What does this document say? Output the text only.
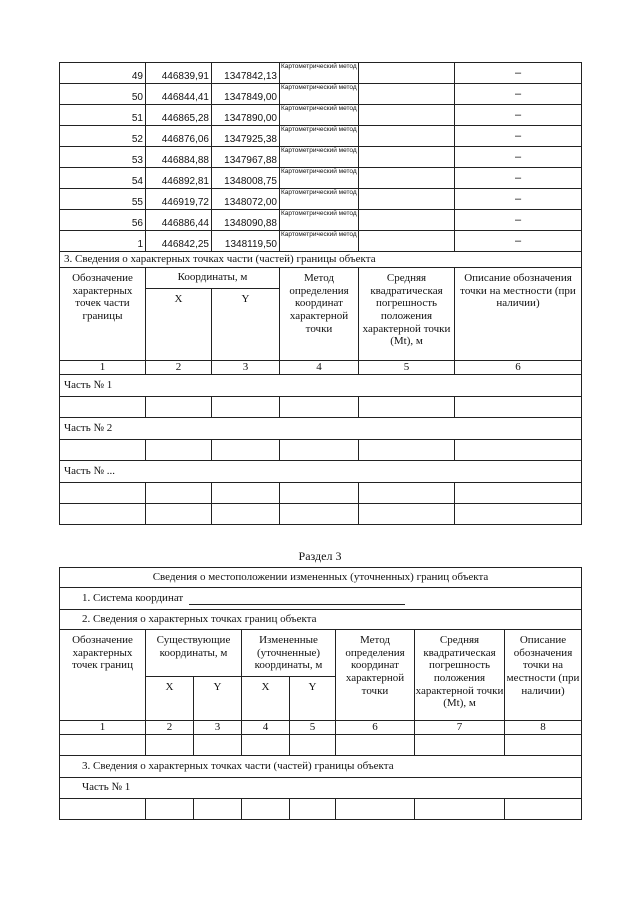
49	446839,91	1347842,13	Картометрический метод		–
50	446844,41	1347849,00	Картометрический метод		–
51	446865,28	1347890,00	Картометрический метод		–
52	446876,06	1347925,38	Картометрический метод		–
53	446884,88	1347967,88	Картометрический метод		–
54	446892,81	1348008,75	Картометрический метод		–
55	446919,72	1348072,00	Картометрический метод		–
56	446886,44	1348090,88	Картометрический метод		–
1	446842,25	1348119,50	Картометрический метод		–
3. Сведения о характерных точках части (частей) границы объекта					
Обозначение характерных точек части границы	Координаты, м		Метод определения координат характерной точки	Средняя квадратическая погрешность положения характерной точки (Mt), м	Описание обозначения точки на местности (при наличии)
	X	Y			
1	2	3	4	5	6
Часть № 1					

Часть № 2					

Часть № ...					

Раздел 3
Сведения о местоположении измененных (уточненных) границ объекта							
1. Система координат							
2. Сведения о характерных точках границ объекта							
Обозначение характерных точек границ	Существующие координаты, м		Измененные (уточненные) координаты, м		Метод определения координат характерной точки	Средняя квадратическая погрешность положения характерной точки (Mt), м	Описание обозначения точки на местности (при наличии)
	X	Y	X	Y			
1	2	3	4	5	6	7	8

3. Сведения о характерных точках части (частей) границы объекта							
Часть № 1							
